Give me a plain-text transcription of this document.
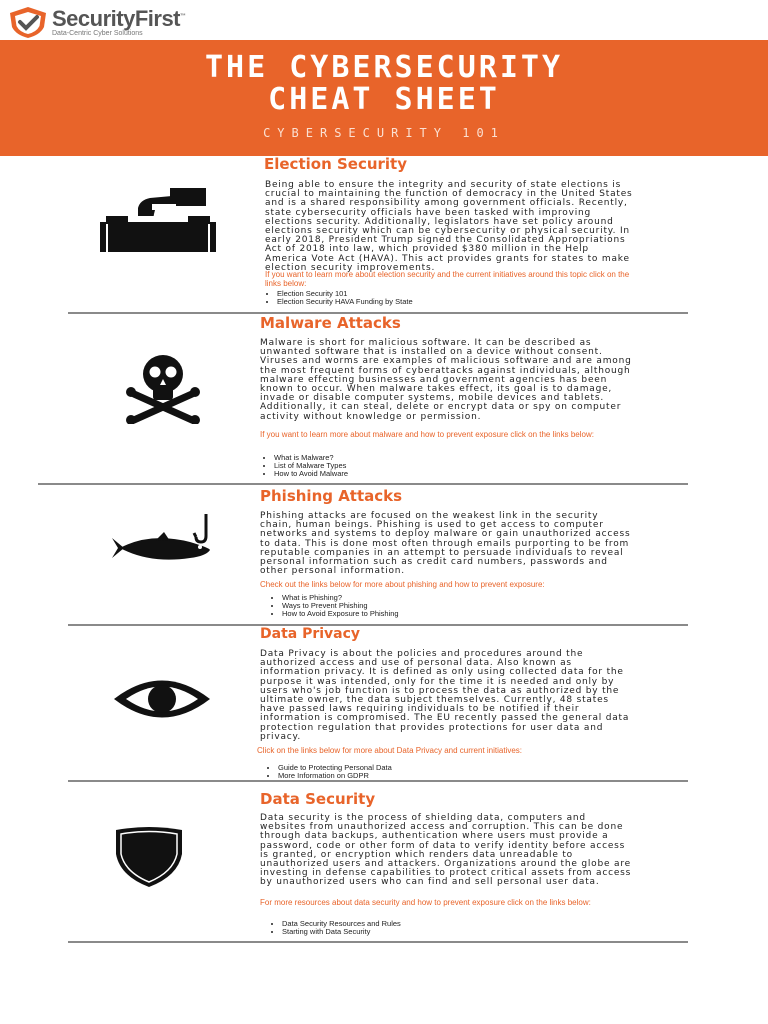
SecurityFirst™
Data-Centric Cyber Solutions
THE CYBERSECURITY
CHEAT SHEET
CYBERSECURITY 101
Election Security

Being able to ensure the integrity and security of state elections is crucial to maintaining the function of democracy in the United States and is a shared responsibility among government officials. Recently, state cybersecurity officials have been tasked with improving elections security. Additionally, legislators have set policy around elections security which can be cybersecurity or physical security. In early 2018, President Trump signed the Consolidated Appropriations Act of 2018 into law, which provided $380 million in the Help America Vote Act (HAVA). This act provides grants for states to make election security improvements.

If you want to learn more about election security and the current initiatives around this topic click on the links below:

• Election Security 101
• Election Security HAVA Funding by State
Malware Attacks

Malware is short for malicious software. It can be described as unwanted software that is installed on a device without consent. Viruses and worms are examples of malicious software and are among the most frequent forms of cyberattacks against individuals, although malware effecting businesses and government agencies has been known to occur. When malware takes effect, its goal is to damage, invade or disable computer systems, mobile devices and tablets. Additionally, it can steal, delete or encrypt data or spy on computer activity without knowledge or permission.

If you want to learn more about malware and how to prevent exposure click on the links below:

• What is Malware?
• List of Malware Types
• How to Avoid Malware
Phishing Attacks

Phishing attacks are focused on the weakest link in the security chain, human beings. Phishing is used to get access to computer networks and systems to deploy malware or gain unauthorized access to data. This is done most often through emails purporting to be from reputable companies in an attempt to persuade individuals to reveal personal information such as credit card numbers, passwords and other personal information.

Check out the links below for more about phishing and how to prevent exposure:

• What is Phishing?
• Ways to Prevent Phishing
• How to Avoid Exposure to Phishing
Data Privacy

Data Privacy is about the policies and procedures around the authorized access and use of personal data. Also known as information privacy. It is defined as only using collected data for the purpose it was intended, only for the time it is needed and only by users who's job function is to process the data as authorized by the ultimate owner, the data subject themselves. Currently, 48 states have passed laws requiring individuals to be notified if their information is compromised. The EU recently passed the general data protection regulation that provides protections for user data and privacy.

Click on the links below for more about Data Privacy and current initiatives:

• Guide to Protecting Personal Data
• More Information on GDPR
Data Security

Data security is the process of shielding data, computers and websites from unauthorized access and corruption. This can be done through data backups, authentication where users must provide a password, code or other form of data to verify identity before access is granted, or encryption which renders data unreadable to unauthorized users and attackers. Organizations around the globe are investing in defense capabilities to protect critical assets from access by unauthorized users who can find and sell personal user data.

For more resources about data security and how to prevent exposure click on the links below:

• Data Security Resources and Rules
• Starting with Data Security
